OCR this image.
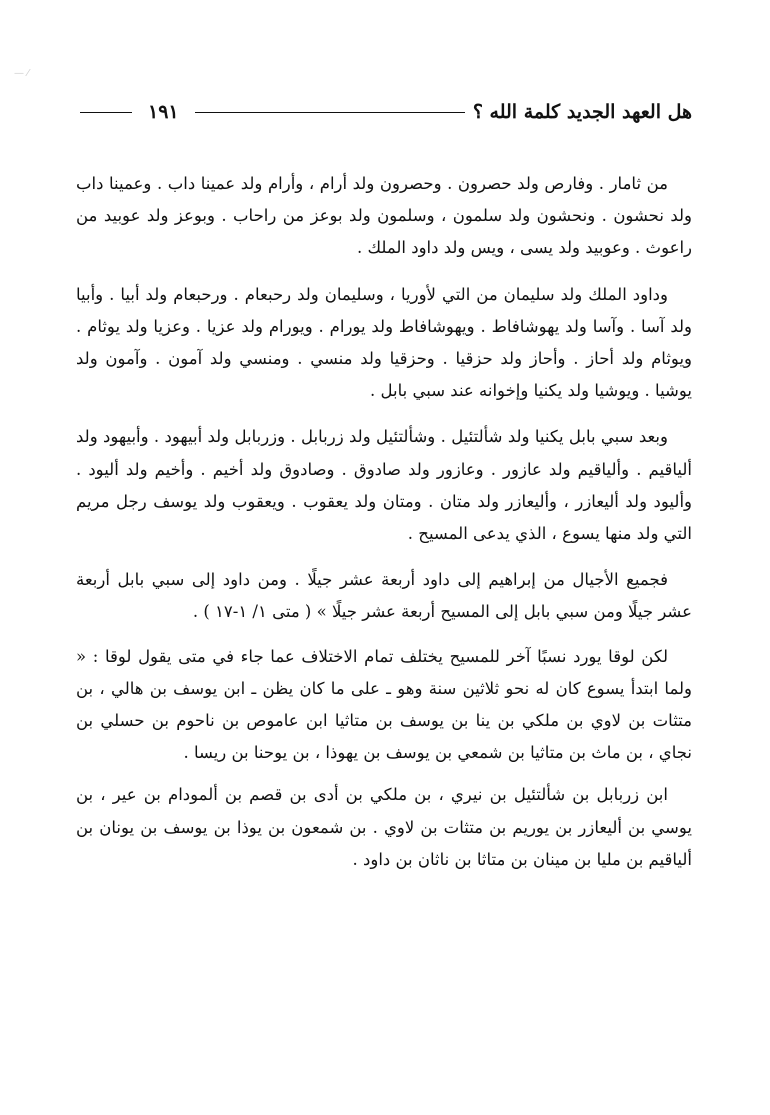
— ⁄
هل العهد الجديد كلمة الله ؟
١٩١

من ثامار . وفارص ولد حصرون . وحصرون ولد أرام ، وأرام ولد عمينا داب . وعمينا داب ولد نحشون . ونحشون ولد سلمون ، وسلمون ولد بوعز من راحاب . وبوعز ولد عوبيد من راعوث . وعوبيد ولد يسى ، ويس ولد داود الملك .

وداود الملك ولد سليمان من التي لأوريا ، وسليمان ولد رحبعام . ورحبعام ولد أبيا . وأبيا ولد آسا . وآسا ولد يهوشافاط . ويهوشافاط ولد يورام . ويورام ولد عزيا . وعزيا ولد يوثام . ويوثام ولد أحاز . وأحاز ولد حزقيا . وحزقيا ولد منسي . ومنسي ولد آمون . وآمون ولد يوشيا . ويوشيا ولد يكنيا وإخوانه عند سبي بابل .

وبعد سبي بابل يكنيا ولد شألتئيل . وشألتئيل ولد زربابل . وزربابل ولد أبيهود . وأبيهود ولد ألياقيم . وألياقيم ولد عازور . وعازور ولد صادوق . وصادوق ولد أخيم . وأخيم ولد أليود . وأليود ولد أليعازر ، وأليعازر ولد متان . ومتان ولد يعقوب . ويعقوب ولد يوسف رجل مريم التي ولد منها يسوع ، الذي يدعى المسيح .

فجميع الأجيال من إبراهيم إلى داود أربعة عشر جيلًا . ومن داود إلى سبي بابل أربعة عشر جيلًا ومن سبي بابل إلى المسيح أربعة عشر جيلًا » ( متى ١/ ١-١٧ ) .

لكن لوقا يورد نسبًا آخر للمسيح يختلف تمام الاختلاف عما جاء في متى يقول لوقا : « ولما ابتدأ يسوع كان له نحو ثلاثين سنة وهو ـ على ما كان يظن ـ ابن يوسف بن هالي ، بن متثات بن لاوي بن ملكي بن ينا بن يوسف بن متاثيا ابن عاموص بن ناحوم بن حسلي بن نجاي ، بن ماث بن متاثيا بن شمعي بن يوسف بن يهوذا ، بن يوحنا بن ريسا .

ابن زربابل بن شألتئيل بن نيري ، بن ملكي بن أدى بن قصم بن ألمودام بن عير ، بن يوسي بن أليعازر بن يوريم بن متثات بن لاوي . بن شمعون بن يوذا بن يوسف بن يونان بن ألياقيم بن مليا بن مينان بن متاثا بن ناثان بن داود .
